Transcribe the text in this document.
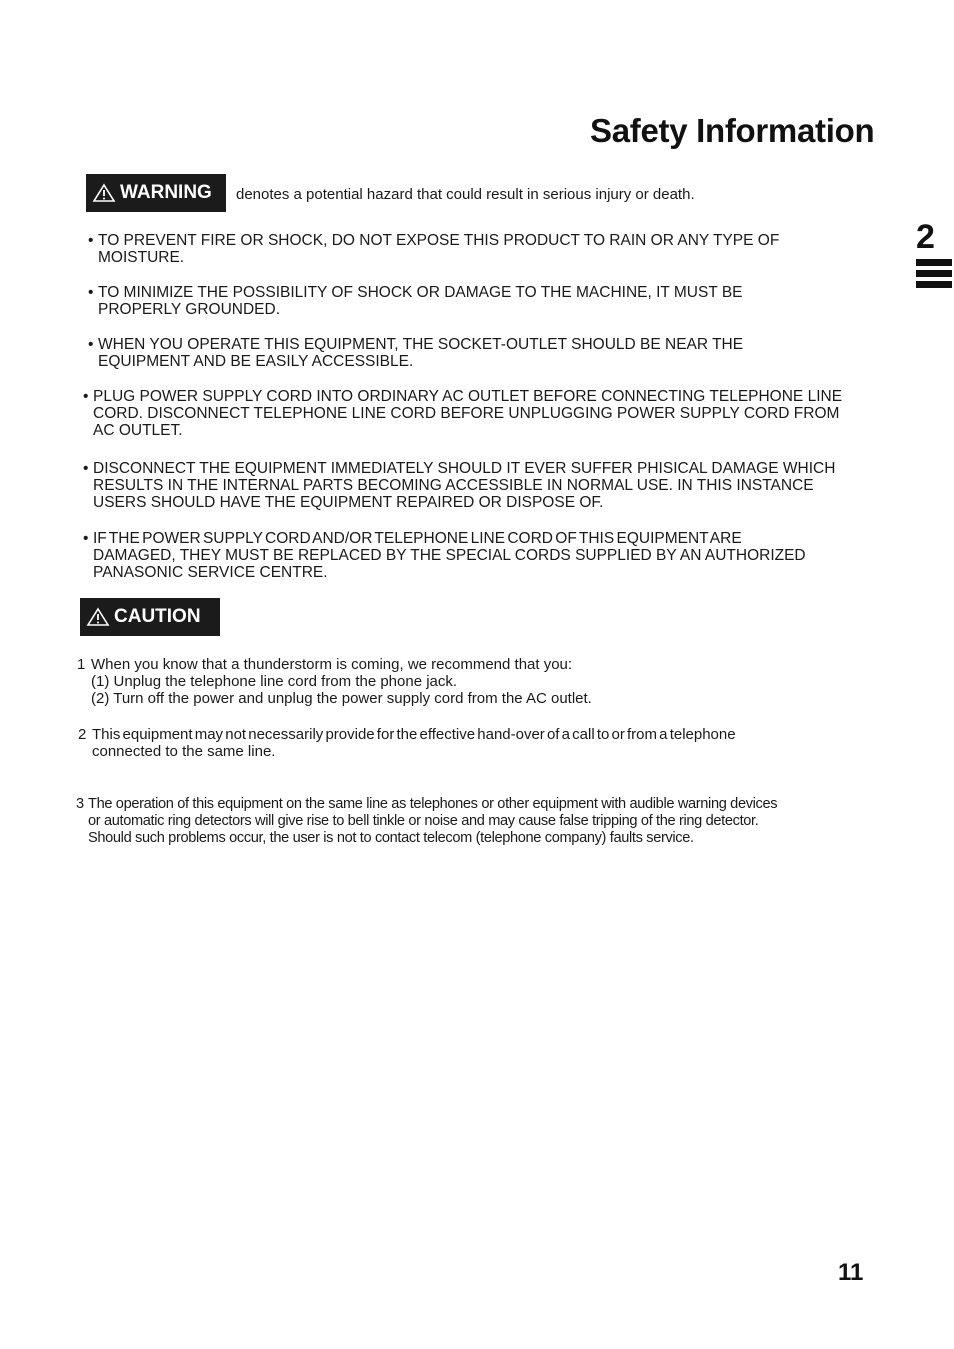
Safety Information
2
WARNING denotes a potential hazard that could result in serious injury or death.
• TO PREVENT FIRE OR SHOCK, DO NOT EXPOSE THIS PRODUCT TO RAIN OR ANY TYPE OF
MOISTURE.
• TO MINIMIZE THE POSSIBILITY OF SHOCK OR DAMAGE TO THE MACHINE, IT MUST BE
PROPERLY GROUNDED.
• WHEN YOU OPERATE THIS EQUIPMENT, THE SOCKET-OUTLET SHOULD BE NEAR THE
EQUIPMENT AND BE EASILY ACCESSIBLE.
• PLUG POWER SUPPLY CORD INTO ORDINARY AC OUTLET BEFORE CONNECTING TELEPHONE LINE
CORD. DISCONNECT TELEPHONE LINE CORD BEFORE UNPLUGGING POWER SUPPLY CORD FROM
AC OUTLET.
• DISCONNECT THE EQUIPMENT IMMEDIATELY SHOULD IT EVER SUFFER PHISICAL DAMAGE WHICH
RESULTS IN THE INTERNAL PARTS BECOMING ACCESSIBLE IN NORMAL USE. IN THIS INSTANCE
USERS SHOULD HAVE THE EQUIPMENT REPAIRED OR DISPOSE OF.
• IF THE POWER SUPPLY CORD AND/OR TELEPHONE LINE CORD OF THIS EQUIPMENT ARE
DAMAGED, THEY MUST BE REPLACED BY THE SPECIAL CORDS SUPPLIED BY AN AUTHORIZED
PANASONIC SERVICE CENTRE.
CAUTION
1 When you know that a thunderstorm is coming, we recommend that you:
(1) Unplug the telephone line cord from the phone jack.
(2) Turn off the power and unplug the power supply cord from the AC outlet.
2 This equipment may not necessarily provide for the effective hand-over of a call to or from a telephone
connected to the same line.
3 The operation of this equipment on the same line as telephones or other equipment with audible warning devices
or automatic ring detectors will give rise to bell tinkle or noise and may cause false tripping of the ring detector.
Should such problems occur, the user is not to contact telecom (telephone company) faults service.
11
